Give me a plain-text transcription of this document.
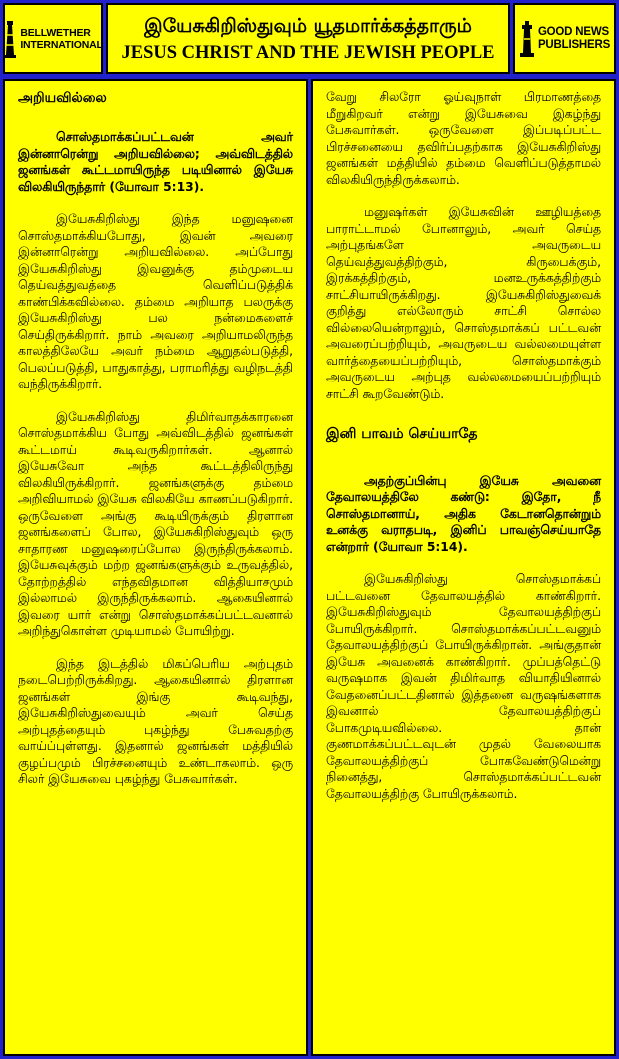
BELLWETHER
INTERNATIONAL
இயேசுகிறிஸ்துவும் யூதமார்க்கத்தாரும்
JESUS CHRIST AND THE JEWISH PEOPLE
GOOD NEWS
PUBLISHERS
அறியவில்லை

சொஸ்தமாக்கப்பட்டவன் அவர் இன்னாரென்று அறியவில்லை; அவ்விடத்தில் ஜனங்கள் கூட்டமாயிருந்த படியினால் இயேசு விலகியிருந்தார் (யோவா 5:13).

இயேசுகிறிஸ்து இந்த மனுஷனை சொஸ்தமாக்கியபோது, இவன் அவரை இன்னாரென்று அறியவில்லை. அப்போது இயேசுகிறிஸ்து இவனுக்கு தம்முடைய தெய்வத்துவத்தை வெளிப்படுத்திக் காண்பிக்கவில்லை. தம்மை அறியாத பலருக்கு இயேசுகிறிஸ்து பல நன்மைகளைச் செய்திருக்கிறார். நாம் அவரை அறியாமலிருந்த காலத்திலேயே அவர் நம்மை ஆறுதல்படுத்தி, பெலப்படுத்தி, பாதுகாத்து, பராமரித்து வழிநடத்தி வந்திருக்கிறார்.

இயேசுகிறிஸ்து திமிர்வாதக்காரனை சொஸ்தமாக்கிய போது அவ்விடத்தில் ஜனங்கள் கூட்டமாய் கூடிவருகிறார்கள். ஆனால் இயேசுவோ அந்த கூட்டத்திலிருந்து விலகியிருக்கிறார். ஜனங்களுக்கு தம்மை அறிவியாமல் இயேசு விலகியே காணப்படுகிறார். ஒருவேளை அங்கு கூடியிருக்கும் திரளான ஜனங்களைப் போல, இயேசுகிறிஸ்துவும் ஒரு சாதாரண மனுஷரைப்போல இருந்திருக்கலாம். இயேசுவுக்கும் மற்ற ஜனங்களுக்கும் உருவத்தில், தோற்றத்தில் எந்தவிதமான வித்தியாசமும் இல்லாமல் இருந்திருக்கலாம். ஆகையினால் இவரை யார் என்று சொஸ்தமாக்கப்பட்டவனால் அறிந்துகொள்ள முடியாமல் போயிற்று.

இந்த இடத்தில் மிகப்பெரிய அற்புதம் நடைபெற்றிருக்கிறது. ஆகையினால் திரளான ஜனங்கள் இங்கு கூடிவந்து, இயேசுகிறிஸ்துவையும் அவர் செய்த அற்புதத்தையும் புகழ்ந்து பேசுவதற்கு வாய்ப்புள்ளது. இதனால் ஜனங்கள் மத்தியில் குழப்பமும் பிரச்சனையும் உண்டாகலாம். ஒரு சிலர் இயேசுவை புகழ்ந்து பேசுவார்கள்.

வேறு சிலரோ ஓய்வுநாள் பிரமாணத்தை மீறுகிறவர் என்று இயேசுவை இகழ்ந்து பேசுவார்கள். ஒருவேளை இப்படிப்பட்ட பிரச்சனையை தவிர்ப்பதற்காக இயேசுகிறிஸ்து ஜனங்கள் மத்தியில் தம்மை வெளிப்படுத்தாமல் விலகியிருந்திருக்கலாம்.

மனுஷர்கள் இயேசுவின் ஊழியத்தை பாராட்டாமல் போனாலும், அவர் செய்த அற்புதங்களே அவருடைய தெய்வத்துவத்திற்கும், கிருபைக்கும், இரக்கத்திற்கும், மனஉருக்கத்திற்கும் சாட்சியாயிருக்கிறது. இயேசுகிறிஸ்துவைக் குறித்து எல்லோரும் சாட்சி சொல்ல வில்லையென்றாலும், சொஸ்தமாக்கப் பட்டவன் அவரைப்பற்றியும், அவருடைய வல்லமையுள்ள வார்த்தையைப்பற்றியும், சொஸ்தமாக்கும் அவருடைய அற்புத வல்லமையைப்பற்றியும் சாட்சி கூறவேண்டும்.

இனி பாவம் செய்யாதே

அதற்குப்பின்பு இயேசு அவனை தேவாலயத்திலே கண்டு: இதோ, நீ சொஸ்தமானாய், அதிக கேடானதொன்றும் உனக்கு வராதபடி, இனிப் பாவஞ்செய்யாதே என்றார் (யோவா 5:14).

இயேசுகிறிஸ்து சொஸ்தமாக்கப் பட்டவனை தேவாலயத்தில் காண்கிறார். இயேசுகிறிஸ்துவும் தேவாலயத்திற்குப் போயிருக்கிறார். சொஸ்தமாக்கப்பட்டவனும் தேவாலயத்திற்குப் போயிருக்கிறான். அங்குதான் இயேசு அவனைக் காண்கிறார். முப்பத்தெட்டு வருஷமாக இவன் திமிர்வாத வியாதியினால் வேதனைப்பட்டதினால் இத்தனை வருஷங்களாக இவனால் தேவாலயத்திற்குப் போகமுடியவில்லை. தான் குணமாக்கப்பட்டவுடன் முதல் வேலையாக தேவாலயத்திற்குப் போகவேண்டுமென்று நினைத்து, சொஸ்தமாக்கப்பட்டவன் தேவாலயத்திற்கு போயிருக்கலாம்.
